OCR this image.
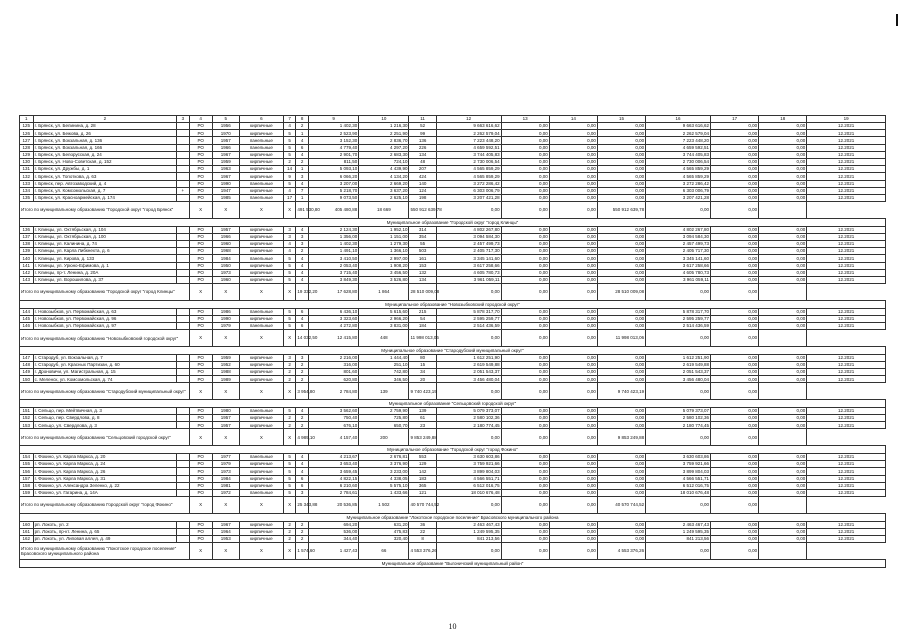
1	2	3	4	5	6	7	8	9	10	11	12	13	14	15	16	17	18	19
125	г. Брянск, ул. Белинина, д. 28		РО	1956	кирпичные	4	2	1 402,30	1 216,30	52	9 663 616,62	0,00	0,00	0,00	9 663 616,62	0,00	0,00	12.2021
126	г. Брянск, ул. Бежова, д. 26		РО	1970	кирпичные	5	1	2 523,90	2 251,90	99	2 262 579,04	0,00	0,00	0,00	2 262 579,04	0,00	0,00	12.2021
127	г. Брянск, ул. Вокзальная, д. 136		РО	1957	панельные	5	4	3 152,30	2 836,70	136	7 223 448,20	0,00	0,00	0,00	7 223 448,20	0,00	0,00	12.2021
128	г. Брянск, ул. Вокзальная, д. 166		РО	1966	панельные	5	6	4 779,40	4 297,20	226	4 659 592,51	0,00	0,00	0,00	4 659 592,51	0,00	0,00	12.2021
129	г. Брянск, ул. Белорусская, д. 24		РО	1967	кирпичные	5	4	2 901,70	2 683,30	134	3 744 405,83	0,00	0,00	0,00	3 744 405,83	0,00	0,00	12.2021
130	г. Брянск, ул. Ново-Советская, д. 152		РО	1959	кирпичные	2	2	811,50	724,10	48	2 730 006,54	0,00	0,00	0,00	2 730 006,54	0,00	0,00	12.2021
131	г. Брянск, ул. Дружбы, д. 1		РО	1963	кирпичные	14	1	5 093,10	4 439,90	207	4 565 859,29	0,00	0,00	0,00	4 565 859,29	0,00	0,00	12.2021
132	г. Брянск, ул. Топоткова, д. 63		РО	1967	кирпичные	9	3	6 066,20	4 134,20	424	4 565 859,29	0,00	0,00	0,00	4 565 859,29	0,00	0,00	12.2021
133	г. Брянск, пер. Автозаводский, д. 4		РО	1990	панельные	5	4	3 207,00	2 669,20	140	3 272 286,42	0,00	0,00	0,00	3 272 286,42	0,00	0,00	12.2021
134	г. Брянск, ул. Комсомольская, д. 7	+	РО	1947	кирпичные	4	7	5 218,70	3 637,20	124	6 303 006,79	0,00	0,00	0,00	6 303 006,79	0,00	0,00	12.2021
135	г. Брянск, ул. Красноармейская, д. 174		РО	1985	панельные	17	1	9 073,50	2 625,10	198	3 207 421,28	0,00	0,00	0,00	3 207 421,28	0,00	0,00	12.2021
Итого по муниципальному образованию "Городской округ "город Брянск"			Х	Х	Х	Х	491 530,80	405 480,88	18 669	550 912 639,78	0,00	0,00	0,00	550 912 639,78	0,00	0,00		
Муниципальное образование "Городской округ "город Клинцы"																		
136	г. Клинцы, ул. Октябрьская, д. 104		РО	1957	кирпичные	3	4	2 124,30	1 952,10	314	4 802 267,80	0,00	0,00	0,00	4 802 267,80	0,00	0,00	12.2021
137	г. Клинцы, ул. Октябрьская, д. 100		РО	1966	кирпичные	3	3	1 356,00	1 151,00	354	3 094 584,30	0,00	0,00	0,00	3 094 584,30	0,00	0,00	12.2021
138	г. Клинцы, ул. Калинина, д. 74		РО	1960	кирпичные	4	3	1 402,30	1 279,30	55	2 457 499,73	0,00	0,00	0,00	2 457 499,73	0,00	0,00	12.2021
139	г. Клинцы, ул. Карла Либкнехта, д. 6		РО	1968	кирпичные	4	2	1 491,10	1 366,10	503	2 405 717,30	0,00	0,00	0,00	2 405 717,30	0,00	0,00	12.2021
140	г. Клинцы, ул. Кирова, д. 133		РО	1984	панельные	5	4	3 410,50	2 997,00	161	3 345 141,60	0,00	0,00	0,00	3 345 141,60	0,00	0,00	12.2021
141	г. Клинцы, ул. Урюно-Ефимова, д. 1		РО	1950	кирпичные	5	4	2 053,40	1 908,20	153	3 617 258,66	0,00	0,00	0,00	3 617 258,66	0,00	0,00	12.2021
142	г. Клинцы, пр-т. Ленина, д. 20А		РО	1973	кирпичные	5	4	3 715,40	3 456,50	132	4 605 780,73	0,00	0,00	0,00	4 605 780,73	0,00	0,00	12.2021
143	г. Клинцы, ул. Ворошилова, д. 37		РО	1960	кирпичные	5	4	3 849,30	3 526,80	134	3 961 059,11	0,00	0,00	0,00	3 961 059,11	0,00	0,00	12.2021
Итого по муниципальному образованию "Городской округ "город Клинцы"			Х	Х	Х	Х	19 332,20	17 628,80	1 864	28 510 009,08	0,00	0,00	0,00	28 510 009,08	0,00	0,00		
Муниципальное образование "Новозыбковский городской округ"																		
144	г. Новозыбков, ул. Первомайская, д. 63		РО	1986	панельные	5	6	6 436,10	5 615,60	215	5 878 317,70	0,00	0,00	0,00	5 878 317,70	0,00	0,00	12.2021
145	г. Новозыбков, ул. Первомайская, д. 96		РО	1990	кирпичные	5	4	3 323,60	2 966,20	54	2 595 259,77	0,00	0,00	0,00	2 595 259,77	0,00	0,00	12.2021
146	г. Новозыбков, ул. Первомайская, д. 97		РО	1979	панельные	5	6	4 272,80	3 831,00	184	2 514 436,59	0,00	0,00	0,00	2 514 436,59	0,00	0,00	12.2021
Итого по муниципальному образованию "Новозыбковский городской округ"			Х	Х	Х	Х	14 032,50	12 415,80	448	11 998 013,06	0,00	0,00	0,00	11 998 013,06	0,00	0,00		
Муниципальное образование "Стародубский муниципальный округ"																		
147	г. Стародуб, ул. Вокзальная, д. 7		РО	1959	кирпичные	3	3	2 216,00	1 444,40	80	1 612 251,90	0,00	0,00	0,00	1 612 251,90	0,00	0,00	12.2021
148	г. Стародуб, ул. Красных Партизан, д. 60		РО	1952	кирпичные	2	2	316,00	251,10	15	2 619 549,88	0,00	0,00	0,00	2 619 549,88	0,00	0,00	12.2021
149	г. Дроновичи, ул. Магистральная, д. 15		РО	1988	кирпичные	2	2	801,60	742,80	34	2 051 543,37	0,00	0,00	0,00	2 051 543,37	0,00	0,00	12.2021
150	с. Меленск, ул. Комсомольская, д. 74		РО	1989	кирпичные	2	2	620,80	346,50	20	3 456 480,04	0,00	0,00	0,00	3 456 480,04	0,00	0,00	12.2021
Итого по муниципальному образованию "Стародубский муниципальный округ"			Х	Х	Х	Х	3 954,80	2 784,80	139	9 740 423,19	0,00	0,00	0,00	9 740 423,19	0,00	0,00		
Муниципальное образование "Сельцовский городской округ"																		
151	г. Сельцо, пер. Мейтвичная, д. 3		РО	1980	панельные	5	4	3 562,60	2 759,90	139	5 079 373,07	0,00	0,00	0,00	5 079 373,07	0,00	0,00	12.2021
152	г. Сельцо, пер. Свердлова, д. 8		РО	1957	кирпичные	2	2	750,40	725,80	61	2 580 102,36	0,00	0,00	0,00	2 580 102,36	0,00	0,00	12.2021
153	г. Сельцо, ул. Свердлова, д. 3		РО	1957	кирпичные	2	2	676,10	650,70	23	2 180 774,45	0,00	0,00	0,00	2 180 774,45	0,00	0,00	12.2021
Итого по муниципальному образованию "Сельцовский городской округ"			Х	Х	Х	Х	4 989,10	4 157,40	200	9 853 249,88	0,00	0,00	0,00	9 853 249,88	0,00	0,00		
Муниципальное образование "Городской округ "город Фокино"																		
154	г. Фокино, ул. Карла Маркса, д. 20		РО	1977	панельные	5	4	4 213,67	2 676,81	553	3 630 603,86	0,00	0,00	0,00	3 630 603,86	0,00	0,00	12.2021
155	г. Фокино, ул. Карла Маркса, д. 24		РО	1979	кирпичные	5	4	3 653,40	3 376,90	129	3 759 921,66	0,00	0,00	0,00	3 759 921,66	0,00	0,00	12.2021
156	г. Фокино, ул. Карла Маркса, д. 26		РО	1973	кирпичные	5	4	3 659,45	3 233,00	142	3 899 804,03	0,00	0,00	0,00	3 899 804,03	0,00	0,00	12.2021
157	г. Фокино, ул. Карла Маркса, д. 31		РО	1984	кирпичные	5	6	4 822,15	4 338,05	183	4 566 551,71	0,00	0,00	0,00	4 566 551,71	0,00	0,00	12.2021
158	г. Фокино, ул. Александра Зеленко, д. 22		РО	1981	кирпичные	5	6	6 210,60	5 575,10	365	6 512 016,75	0,00	0,00	0,00	6 512 016,75	0,00	0,00	12.2021
159	г. Фокино, ул. Гагарина, д. 14А		РО	1972	панельные	5	3	2 784,61	1 433,66	121	18 010 676,48	0,00	0,00	0,00	18 010 676,48	0,00	0,00	12.2021
Итого по муниципальному образованию Городской округ "город Фокино"			Х	Х	Х	Х	25 343,88	20 536,85	1 502	40 570 744,52	0,00	0,00	0,00	40 570 744,52	0,00	0,00		
Муниципальное образование "Локотское городское поселение" Брасовского муниципального района																		
160	рп. Локоть, ул. 2		РО	1967	кирпичные	2	2	694,20	631,20	36	2 463 467,43	0,00	0,00	0,00	2 463 467,43	0,00	0,00	12.2021
161	рп. Локоть, пр-кт. Ленина, д. 65		РО	1964	кирпичные	2	2	536,00	475,83	22	1 249 595,35	0,00	0,00	0,00	1 249 595,35	0,00	0,00	12.2021
162	рп. Локоть, ул. Липовая аллея, д. 49		РО	1953	кирпичные	2	2	344,40	320,40	8	841 213,56	0,00	0,00	0,00	841 213,56	0,00	0,00	12.2021
Итого по муниципальному образованию "Локотское городское поселение" Брасовского муниципального района			Х	Х	Х	Х	1 574,60	1 427,43	66	4 553 376,26	0,00	0,00	0,00	4 553 376,26	0,00	0,00		
Муниципальное образование "Выгоничский муниципальный район"																		
10
